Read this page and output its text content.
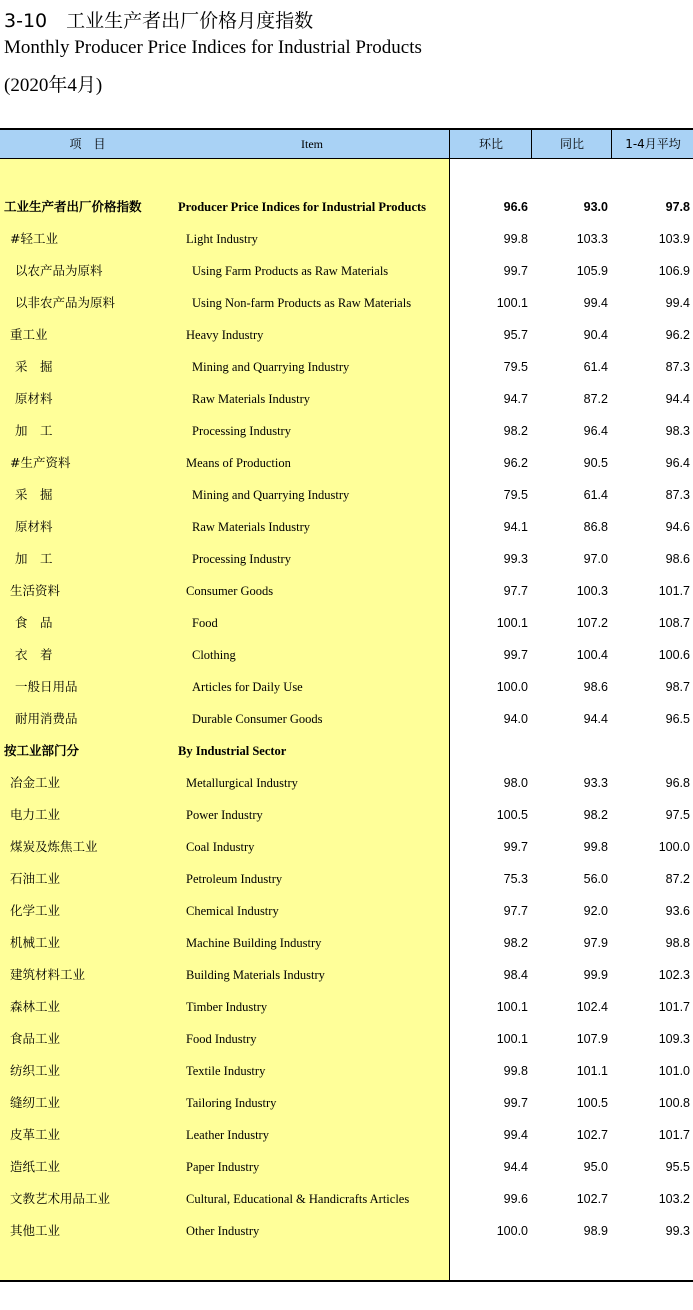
3-10　工业生产者出厂价格月度指数
Monthly Producer Price Indices for Industrial Products
(2020年4月)
项　目	Item	环比	同比	1-4月平均
工业生产者出厂价格指数	Producer Price Indices for Industrial Products	96.6	93.0	97.8
#轻工业	Light Industry	99.8	103.3	103.9
以农产品为原料	Using Farm Products as Raw Materials	99.7	105.9	106.9
以非农产品为原料	Using Non-farm Products as Raw Materials	100.1	99.4	99.4
重工业	Heavy Industry	95.7	90.4	96.2
采　掘	Mining and Quarrying Industry	79.5	61.4	87.3
原材料	Raw Materials Industry	94.7	87.2	94.4
加　工	Processing Industry	98.2	96.4	98.3
#生产资料	Means of Production	96.2	90.5	96.4
采　掘	Mining and Quarrying Industry	79.5	61.4	87.3
原材料	Raw Materials Industry	94.1	86.8	94.6
加　工	Processing Industry	99.3	97.0	98.6
生活资料	Consumer Goods	97.7	100.3	101.7
食　品	Food	100.1	107.2	108.7
衣　着	Clothing	99.7	100.4	100.6
一般日用品	Articles for Daily Use	100.0	98.6	98.7
耐用消费品	Durable Consumer Goods	94.0	94.4	96.5
按工业部门分	By Industrial Sector
冶金工业	Metallurgical Industry	98.0	93.3	96.8
电力工业	Power Industry	100.5	98.2	97.5
煤炭及炼焦工业	Coal Industry	99.7	99.8	100.0
石油工业	Petroleum Industry	75.3	56.0	87.2
化学工业	Chemical Industry	97.7	92.0	93.6
机械工业	Machine Building Industry	98.2	97.9	98.8
建筑材料工业	Building Materials Industry	98.4	99.9	102.3
森林工业	Timber Industry	100.1	102.4	101.7
食品工业	Food Industry	100.1	107.9	109.3
纺织工业	Textile Industry	99.8	101.1	101.0
缝纫工业	Tailoring Industry	99.7	100.5	100.8
皮革工业	Leather Industry	99.4	102.7	101.7
造纸工业	Paper Industry	94.4	95.0	95.5
文教艺术用品工业	Cultural, Educational & Handicrafts Articles	99.6	102.7	103.2
其他工业	Other Industry	100.0	98.9	99.3
